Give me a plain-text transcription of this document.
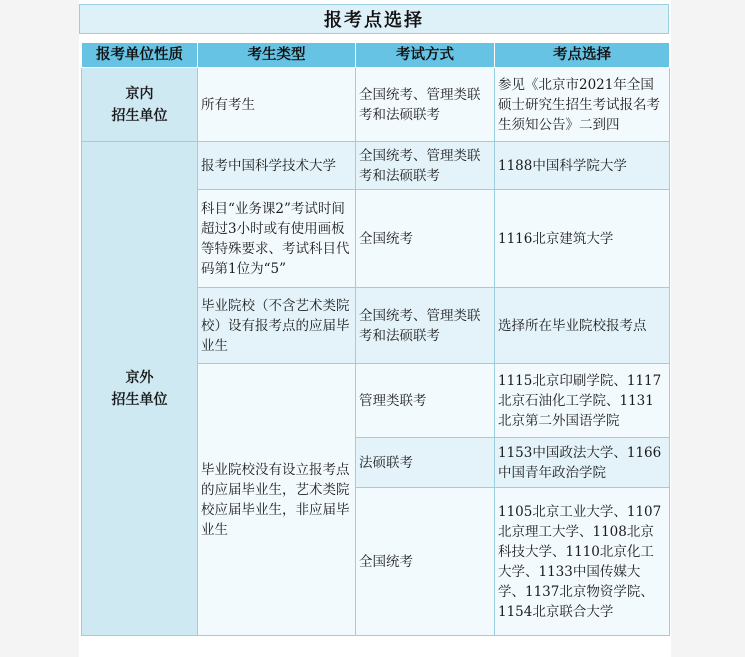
报考点选择
报考单位性质	考生类型	考试方式	考点选择

京内
招生单位	所有考生	全国统考、管理类联考和法硕联考	参见《北京市2021年全国硕士研究生招生考试报名考生须知公告》二到四

京外
招生单位	报考中国科学技术大学	全国统考、管理类联考和法硕联考	1188中国科学院大学
	科目“业务课2”考试时间超过3小时或有使用画板等特殊要求、考试科目代码第1位为“5”	全国统考	1116北京建筑大学
	毕业院校（不含艺术类院校）设有报考点的应届毕业生	全国统考、管理类联考和法硕联考	选择所在毕业院校报考点
	毕业院校没有设立报考点的应届毕业生，艺术类院校应届毕业生，非应届毕业生	管理类联考	1115北京印刷学院、1117北京石油化工学院、1131北京第二外国语学院
		法硕联考	1153中国政法大学、1166中国青年政治学院
		全国统考	1105北京工业大学、1107北京理工大学、1108北京科技大学、1110北京化工大学、1133中国传媒大学、1137北京物资学院、1154北京联合大学
